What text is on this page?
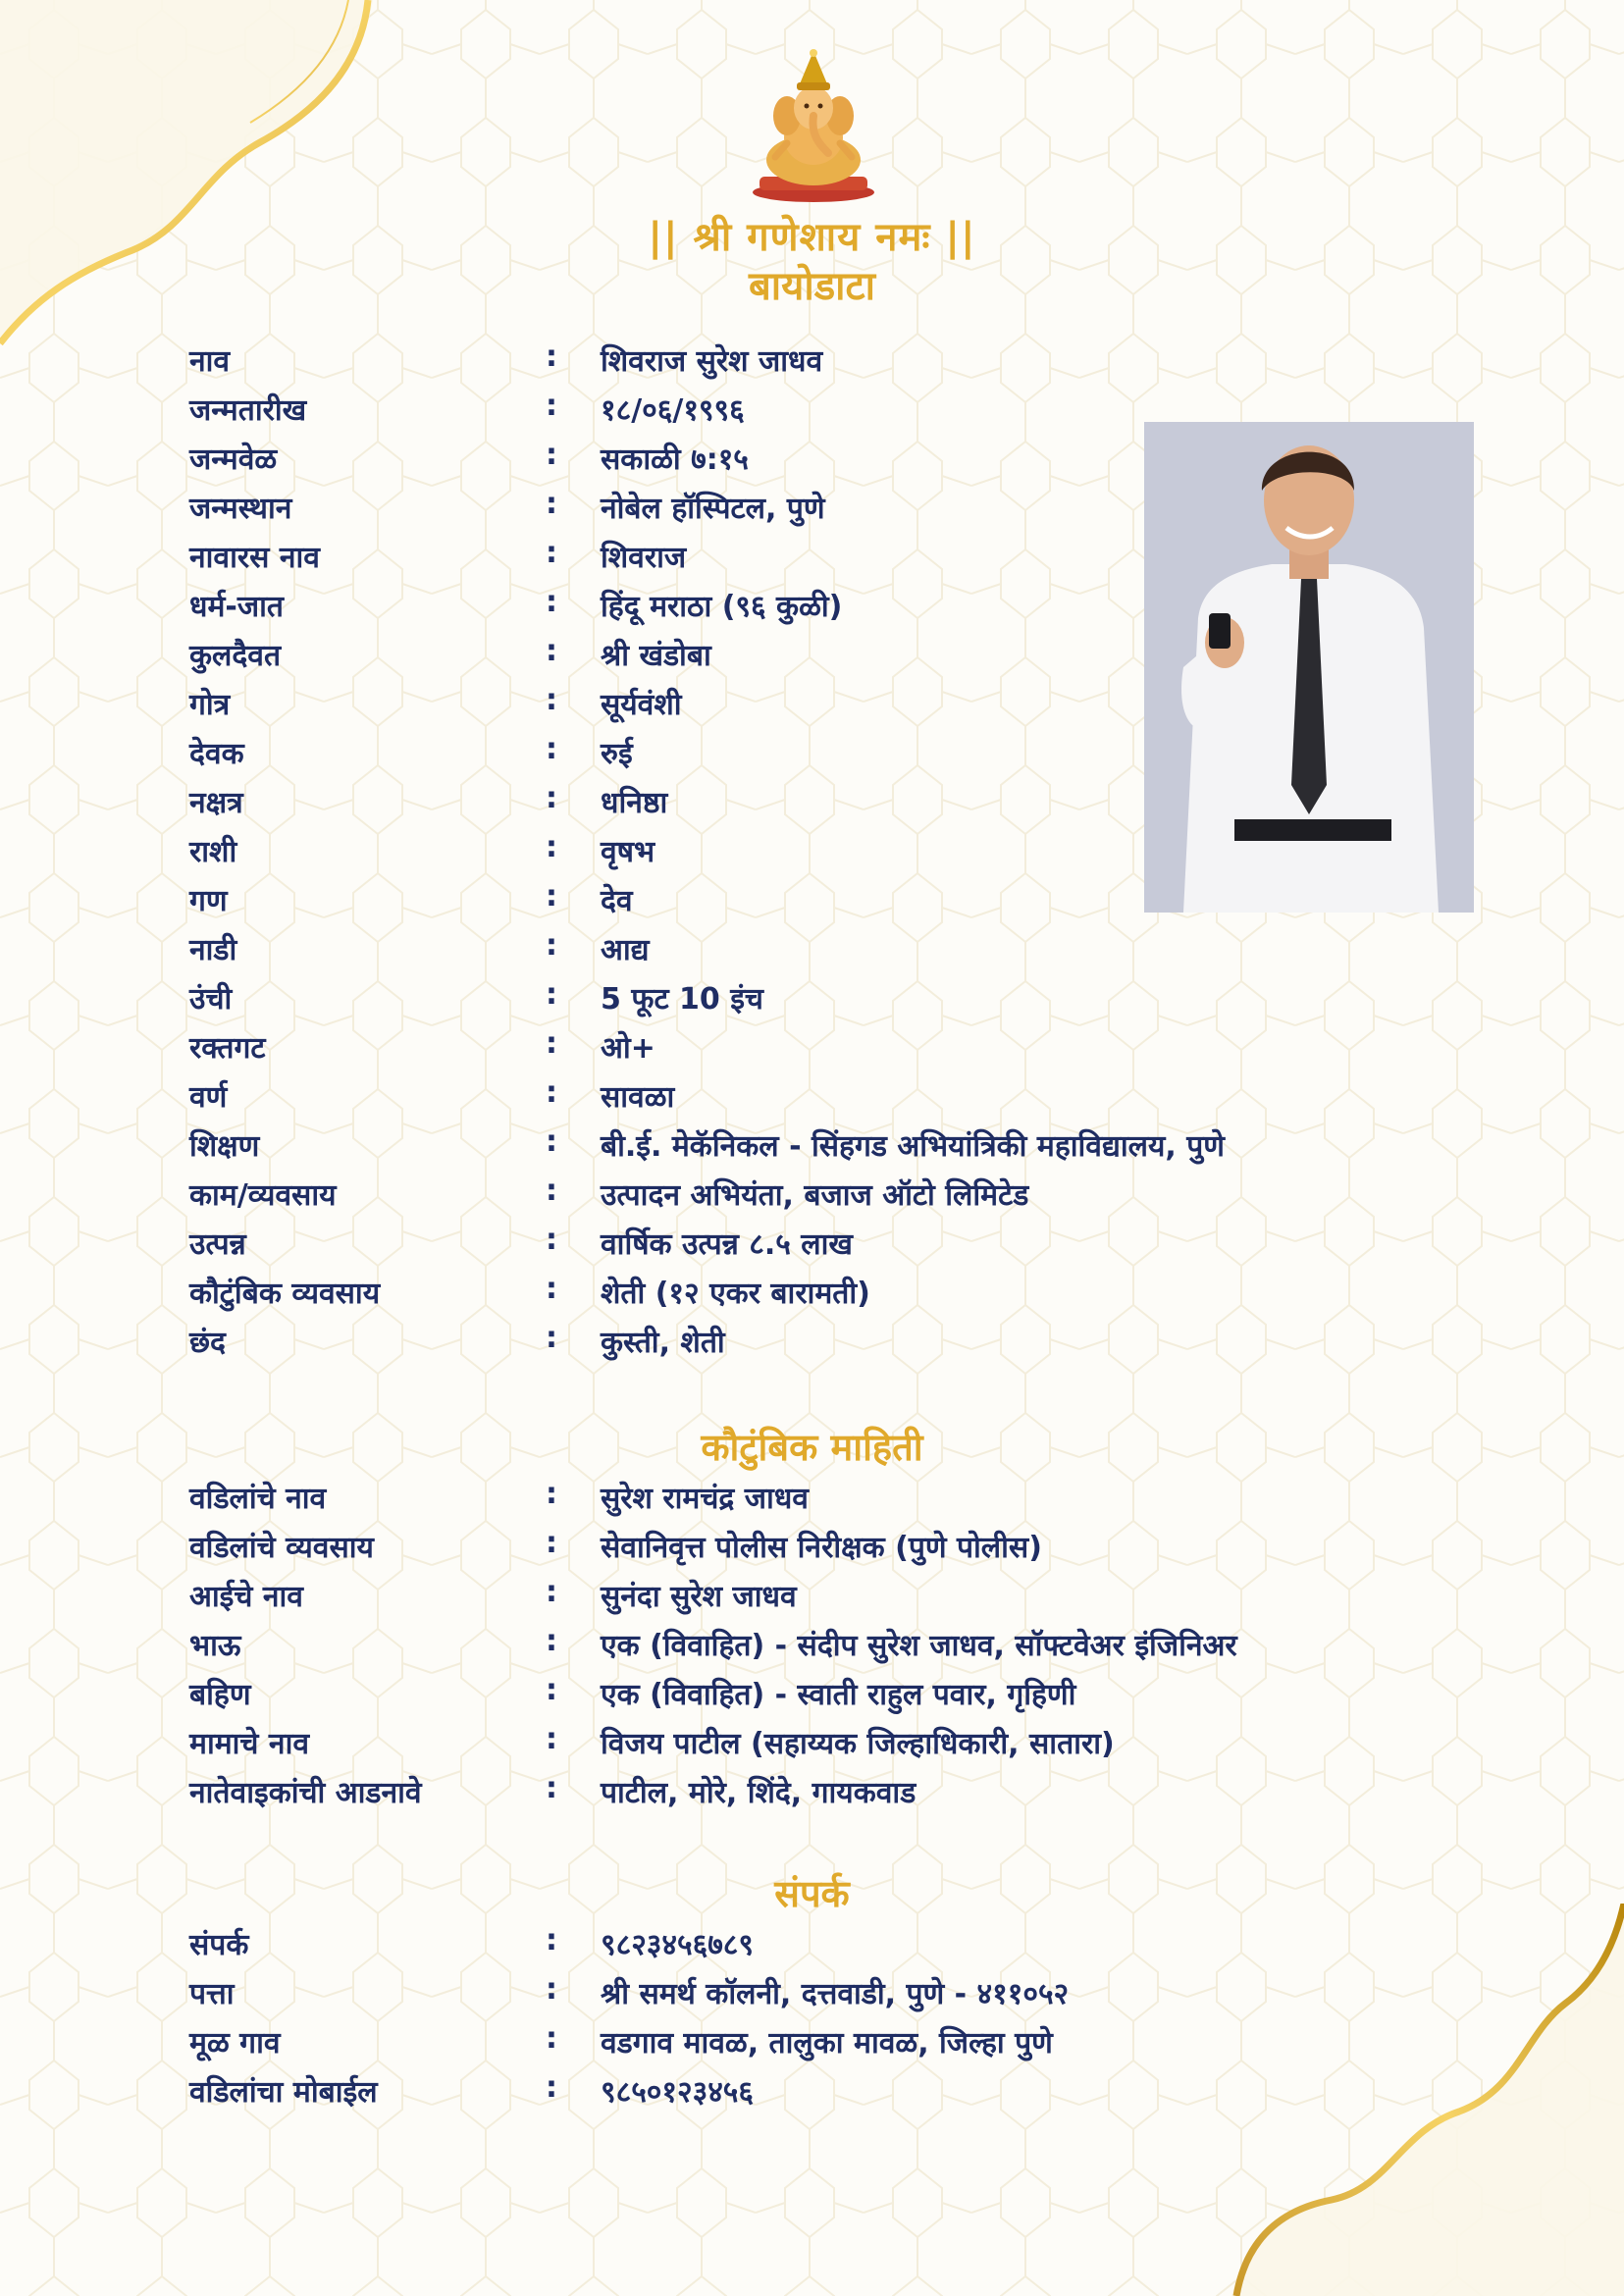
|| श्री गणेशाय नमः ||
बायोडाटा
नाव	: शिवराज सुरेश जाधव
जन्मतारीख	: १८/०६/१९९६
जन्मवेळ	: सकाळी ७:१५
जन्मस्थान	: नोबेल हॉस्पिटल, पुणे
नावारस नाव	: शिवराज
धर्म-जात	: हिंदू मराठा (९६ कुळी)
कुलदैवत	: श्री खंडोबा
गोत्र	: सूर्यवंशी
देवक	: रुई
नक्षत्र	: धनिष्ठा
राशी	: वृषभ
गण	: देव
नाडी	: आद्य
उंची	: 5 फूट 10 इंच
रक्तगट	: ओ+
वर्ण	: सावळा
शिक्षण	: बी.ई. मेकॅनिकल - सिंहगड अभियांत्रिकी महाविद्यालय, पुणे
काम/व्यवसाय	: उत्पादन अभियंता, बजाज ऑटो लिमिटेड
उत्पन्न	: वार्षिक उत्पन्न ८.५ लाख
कौटुंबिक व्यवसाय	: शेती (१२ एकर बारामती)
छंद	: कुस्ती, शेती
कौटुंबिक माहिती
वडिलांचे नाव	: सुरेश रामचंद्र जाधव
वडिलांचे व्यवसाय	: सेवानिवृत्त पोलीस निरीक्षक (पुणे पोलीस)
आईचे नाव	: सुनंदा सुरेश जाधव
भाऊ	: एक (विवाहित) - संदीप सुरेश जाधव, सॉफ्टवेअर इंजिनिअर
बहिण	: एक (विवाहित) - स्वाती राहुल पवार, गृहिणी
मामाचे नाव	: विजय पाटील (सहाय्यक जिल्हाधिकारी, सातारा)
नातेवाइकांची आडनावे	: पाटील, मोरे, शिंदे, गायकवाड
संपर्क
संपर्क	: ९८२३४५६७८९
पत्ता	: श्री समर्थ कॉलनी, दत्तवाडी, पुणे - ४११०५२
मूळ गाव	: वडगाव मावळ, तालुका मावळ, जिल्हा पुणे
वडिलांचा मोबाईल	: ९८५०१२३४५६
